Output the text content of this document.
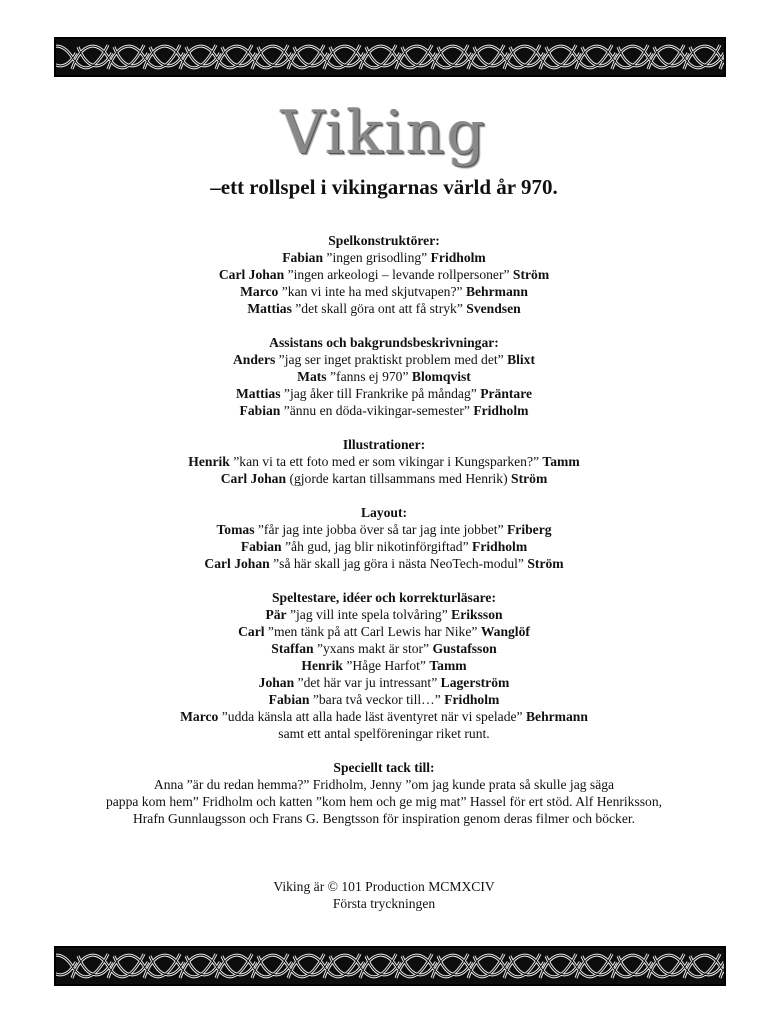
Viking
–ett rollspel i vikingarnas värld år 970.
Spelkonstruktörer:
Fabian ”ingen grisodling” Fridholm
Carl Johan ”ingen arkeologi – levande rollpersoner” Ström
Marco ”kan vi inte ha med skjutvapen?” Behrmann
Mattias ”det skall göra ont att få stryk” Svendsen
Assistans och bakgrundsbeskrivningar:
Anders ”jag ser inget praktiskt problem med det” Blixt
Mats ”fanns ej 970” Blomqvist
Mattias ”jag åker till Frankrike på måndag” Präntare
Fabian ”ännu en döda-vikingar-semester” Fridholm
Illustrationer:
Henrik ”kan vi ta ett foto med er som vikingar i Kungsparken?” Tamm
Carl Johan (gjorde kartan tillsammans med Henrik) Ström
Layout:
Tomas ”får jag inte jobba över så tar jag inte jobbet” Friberg
Fabian ”åh gud, jag blir nikotinförgiftad” Fridholm
Carl Johan ”så här skall jag göra i nästa NeoTech-modul” Ström
Speltestare, idéer och korrekturläsare:
Pär ”jag vill inte spela tolvåring” Eriksson
Carl ”men tänk på att Carl Lewis har Nike” Wanglöf
Staffan ”yxans makt är stor” Gustafsson
Henrik ”Håge Harfot” Tamm
Johan ”det här var ju intressant” Lagerström
Fabian ”bara två veckor till…” Fridholm
Marco ”udda känsla att alla hade läst äventyret när vi spelade” Behrmann
samt ett antal spelföreningar riket runt.
Speciellt tack till:
Anna ”är du redan hemma?” Fridholm, Jenny ”om jag kunde prata så skulle jag säga
pappa kom hem” Fridholm och katten ”kom hem och ge mig mat” Hassel för ert stöd. Alf Henriksson,
Hrafn Gunnlaugsson och Frans G. Bengtsson för inspiration genom deras filmer och böcker.
Viking är © 101 Production MCMXCIV
Första tryckningen
